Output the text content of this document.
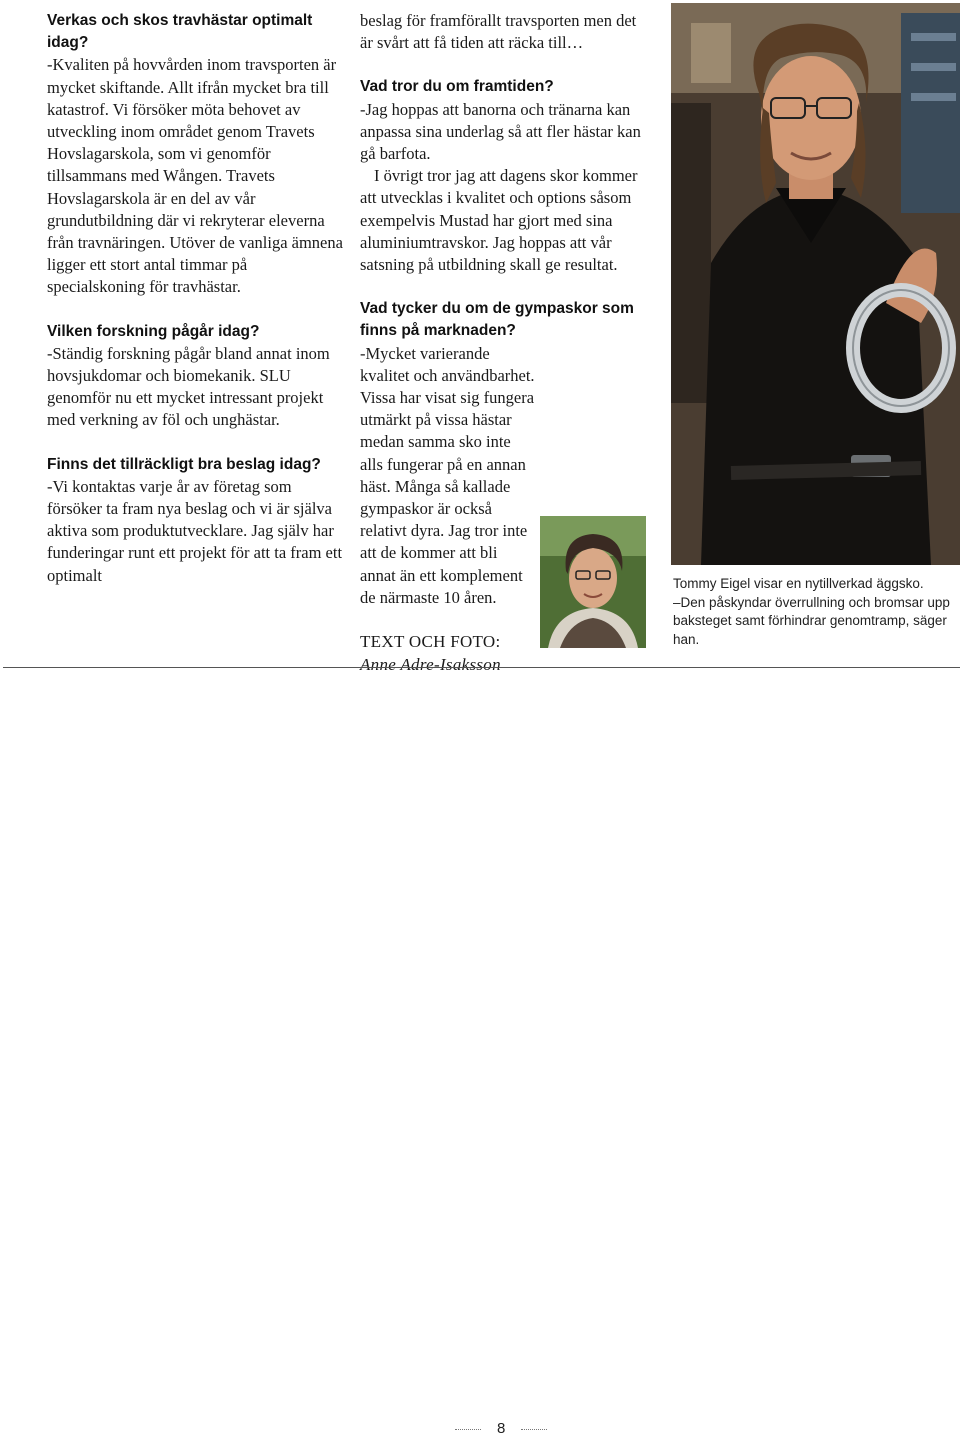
Verkas och skos travhästar optimalt idag?

-Kvaliten på hovvården inom travsporten är mycket skiftande. Allt ifrån mycket bra till katastrof. Vi försöker möta behovet av utveckling inom området genom Travets Hovslagarskola, som vi genomför tillsammans med Wången. Travets Hovslagarskola är en del av vår grundutbildning där vi rekryterar eleverna från travnäringen. Utöver de vanliga ämnena ligger ett stort antal timmar på specialskoning för travhästar.

Vilken forskning pågår idag?

-Ständig forskning pågår bland annat inom hovsjukdomar och biomekanik. SLU genomför nu ett mycket intressant projekt med verkning av föl och unghästar.

Finns det tillräckligt bra beslag idag?

-Vi kontaktas varje år av företag som försöker ta fram nya beslag och vi är själva aktiva som produktutvecklare. Jag själv har funderingar runt ett projekt för att ta fram ett optimalt

beslag för framförallt travsporten men det är svårt att få tiden att räcka till…

Vad tror du om framtiden?

-Jag hoppas att banorna och tränarna kan anpassa sina underlag så att fler hästar kan gå barfota.

I övrigt tror jag att dagens skor kommer att utvecklas i kvalitet och options såsom exempelvis Mustad har gjort med sina aluminiumtravskor. Jag hoppas att vår satsning på utbildning skall ge resultat.

Vad tycker du om de gympaskor som finns på marknaden?

-Mycket varierande kvalitet och användbarhet. Vissa har visat sig fungera utmärkt på vissa hästar medan samma sko inte alls fungerar på en annan häst. Många så kallade gympaskor är också relativt dyra. Jag tror inte att de kommer att bli annat än ett komplement de närmaste 10 åren.

TEXT OCH FOTO:

Anne Adre-Isaksson

Tommy Eigel visar en nytillverkad äggsko.

–Den påskyndar överrullning och bromsar upp baksteget samt förhindrar genomtramp, säger han.

8
